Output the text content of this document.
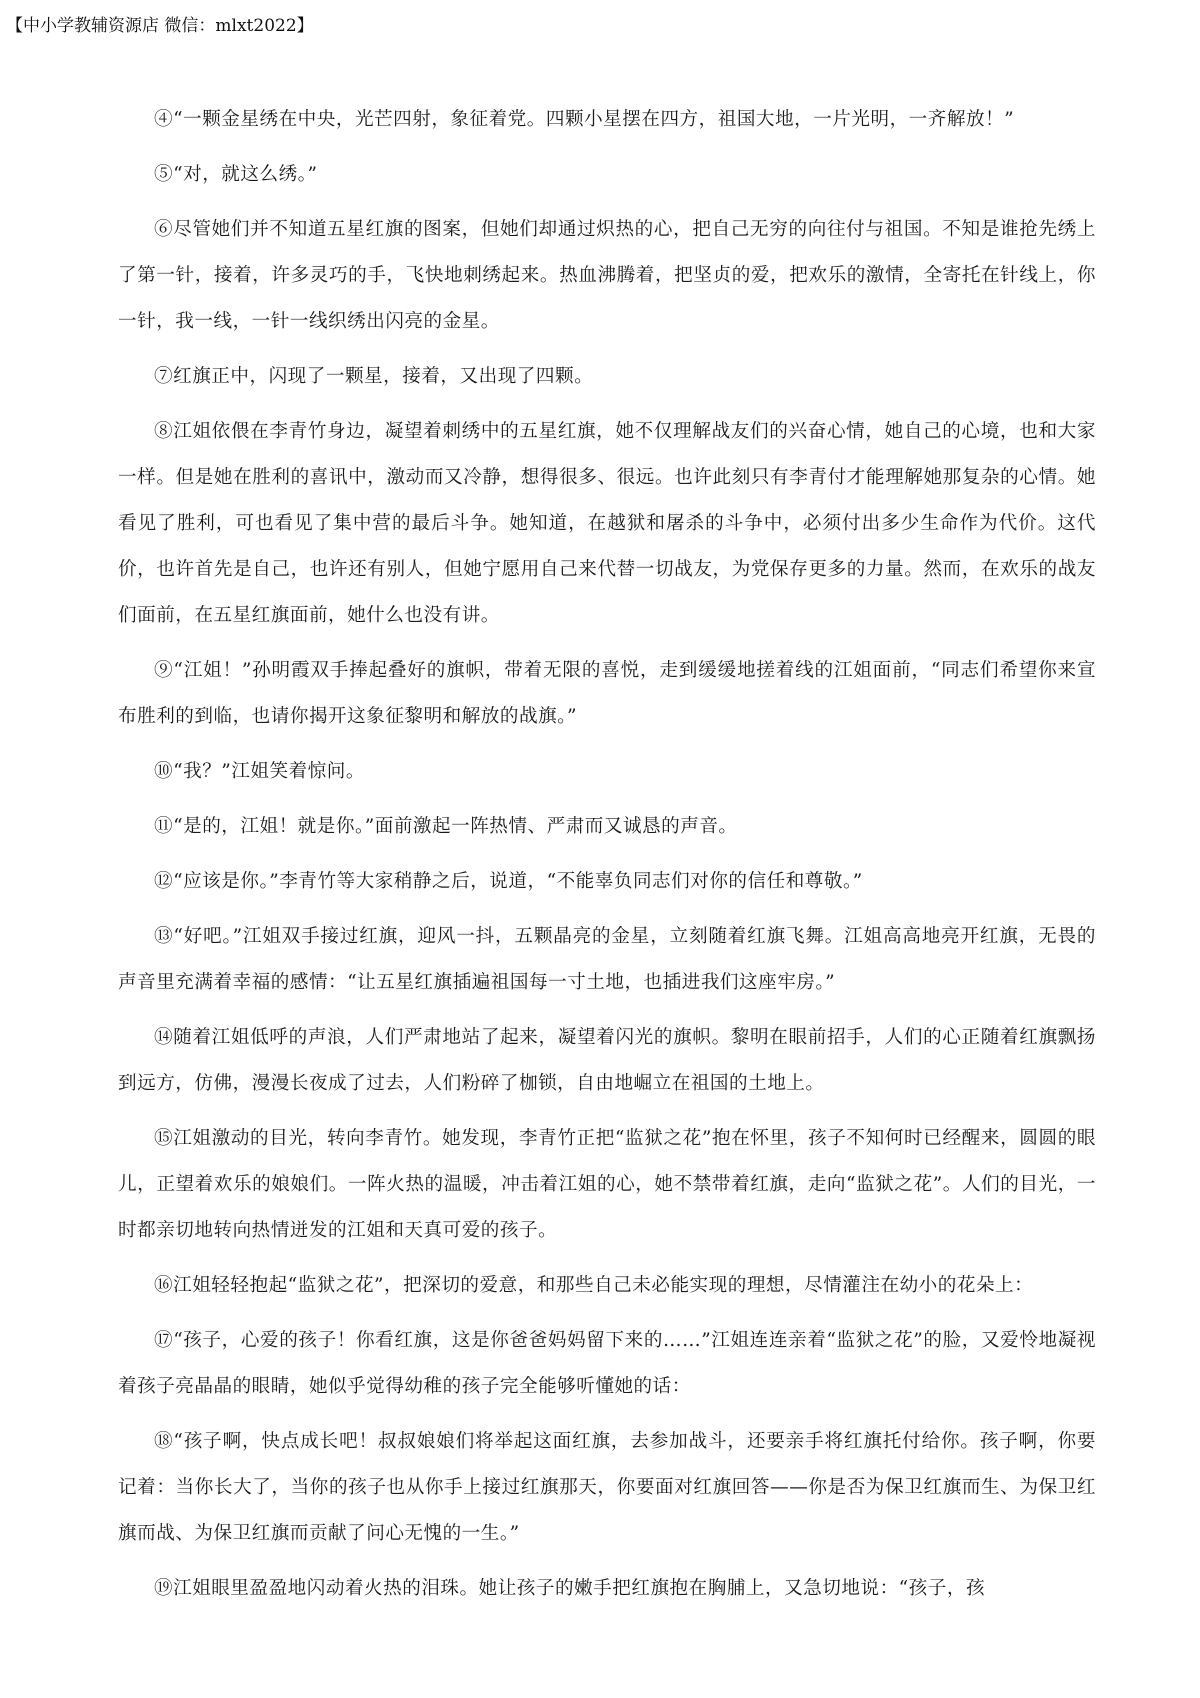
【中小学教辅资源店 微信：mlxt2022】

④“一颗金星绣在中央，光芒四射，象征着党。四颗小星摆在四方，祖国大地，一片光明，一齐解放！”

⑤“对，就这么绣。”

⑥尽管她们并不知道五星红旗的图案，但她们却通过炽热的心，把自己无穷的向往付与祖国。不知是谁抢先绣上了第一针，接着，许多灵巧的手，飞快地刺绣起来。热血沸腾着，把坚贞的爱，把欢乐的激情，全寄托在针线上，你一针，我一线，一针一线织绣出闪亮的金星。

⑦红旗正中，闪现了一颗星，接着，又出现了四颗。

⑧江姐依偎在李青竹身边，凝望着刺绣中的五星红旗，她不仅理解战友们的兴奋心情，她自己的心境，也和大家一样。但是她在胜利的喜讯中，激动而又冷静，想得很多、很远。也许此刻只有李青付才能理解她那复杂的心情。她看见了胜利，可也看见了集中营的最后斗争。她知道，在越狱和屠杀的斗争中，必须付出多少生命作为代价。这代价，也许首先是自己，也许还有别人，但她宁愿用自己来代替一切战友，为党保存更多的力量。然而，在欢乐的战友们面前，在五星红旗面前，她什么也没有讲。

⑨“江姐！”孙明霞双手捧起叠好的旗帜，带着无限的喜悦，走到缓缓地搓着线的江姐面前，“同志们希望你来宣布胜利的到临，也请你揭开这象征黎明和解放的战旗。”

⑩“我？”江姐笑着惊问。

⑪“是的，江姐！就是你。”面前激起一阵热情、严肃而又诚恳的声音。

⑫“应该是你。”李青竹等大家稍静之后，说道，“不能辜负同志们对你的信任和尊敬。”

⑬“好吧。”江姐双手接过红旗，迎风一抖，五颗晶亮的金星，立刻随着红旗飞舞。江姐高高地亮开红旗，无畏的声音里充满着幸福的感情：“让五星红旗插遍祖国每一寸土地，也插进我们这座牢房。”

⑭随着江姐低呼的声浪，人们严肃地站了起来，凝望着闪光的旗帜。黎明在眼前招手，人们的心正随着红旗飘扬到远方，仿佛，漫漫长夜成了过去，人们粉碎了枷锁，自由地崛立在祖国的土地上。

⑮江姐激动的目光，转向李青竹。她发现，李青竹正把“监狱之花”抱在怀里，孩子不知何时已经醒来，圆圆的眼儿，正望着欢乐的娘娘们。一阵火热的温暖，冲击着江姐的心，她不禁带着红旗，走向“监狱之花”。人们的目光，一时都亲切地转向热情迸发的江姐和天真可爱的孩子。

⑯江姐轻轻抱起“监狱之花”，把深切的爱意，和那些自己未必能实现的理想，尽情灌注在幼小的花朵上：

⑰“孩子，心爱的孩子！你看红旗，这是你爸爸妈妈留下来的……”江姐连连亲着“监狱之花”的脸，又爱怜地凝视着孩子亮晶晶的眼睛，她似乎觉得幼稚的孩子完全能够听懂她的话：

⑱“孩子啊，快点成长吧！叔叔娘娘们将举起这面红旗，去参加战斗，还要亲手将红旗托付给你。孩子啊，你要记着：当你长大了，当你的孩子也从你手上接过红旗那天，你要面对红旗回答——你是否为保卫红旗而生、为保卫红旗而战、为保卫红旗而贡献了问心无愧的一生。”

⑲江姐眼里盈盈地闪动着火热的泪珠。她让孩子的嫩手把红旗抱在胸脯上，又急切地说：“孩子，孩
